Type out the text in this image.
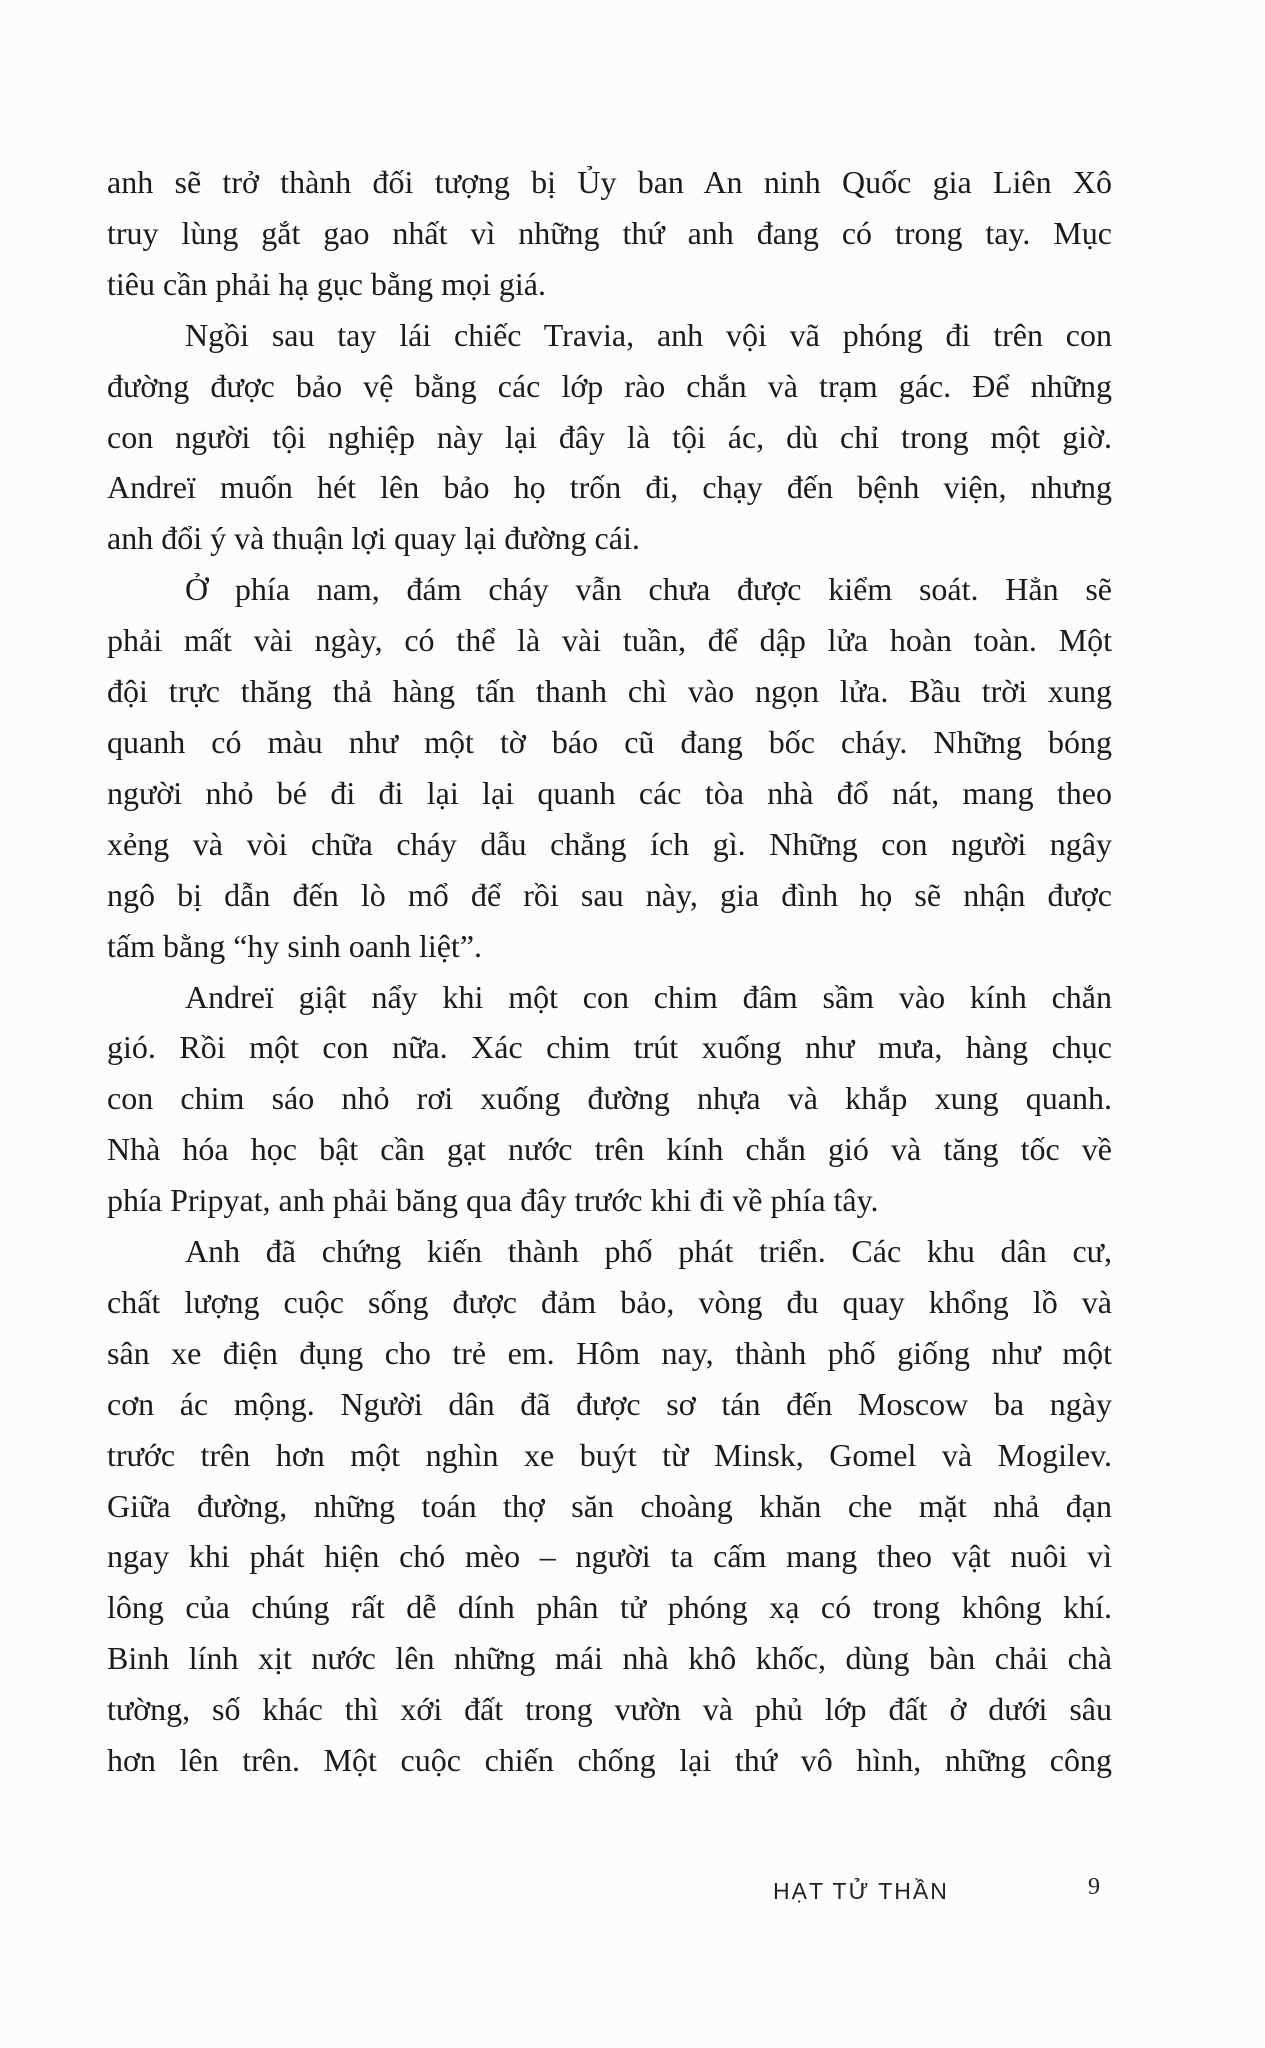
anh sẽ trở thành đối tượng bị Ủy ban An ninh Quốc gia Liên Xô
truy lùng gắt gao nhất vì những thứ anh đang có trong tay. Mục
tiêu cần phải hạ gục bằng mọi giá.
Ngồi sau tay lái chiếc Travia, anh vội vã phóng đi trên con
đường được bảo vệ bằng các lớp rào chắn và trạm gác. Để những
con người tội nghiệp này lại đây là tội ác, dù chỉ trong một giờ.
Andreï muốn hét lên bảo họ trốn đi, chạy đến bệnh viện, nhưng
anh đổi ý và thuận lợi quay lại đường cái.
Ở phía nam, đám cháy vẫn chưa được kiểm soát. Hẳn sẽ
phải mất vài ngày, có thể là vài tuần, để dập lửa hoàn toàn. Một
đội trực thăng thả hàng tấn thanh chì vào ngọn lửa. Bầu trời xung
quanh có màu như một tờ báo cũ đang bốc cháy. Những bóng
người nhỏ bé đi đi lại lại quanh các tòa nhà đổ nát, mang theo
xẻng và vòi chữa cháy dẫu chẳng ích gì. Những con người ngây
ngô bị dẫn đến lò mổ để rồi sau này, gia đình họ sẽ nhận được
tấm bằng “hy sinh oanh liệt”.
Andreï giật nẩy khi một con chim đâm sầm vào kính chắn
gió. Rồi một con nữa. Xác chim trút xuống như mưa, hàng chục
con chim sáo nhỏ rơi xuống đường nhựa và khắp xung quanh.
Nhà hóa học bật cần gạt nước trên kính chắn gió và tăng tốc về
phía Pripyat, anh phải băng qua đây trước khi đi về phía tây.
Anh đã chứng kiến thành phố phát triển. Các khu dân cư,
chất lượng cuộc sống được đảm bảo, vòng đu quay khổng lồ và
sân xe điện đụng cho trẻ em. Hôm nay, thành phố giống như một
cơn ác mộng. Người dân đã được sơ tán đến Moscow ba ngày
trước trên hơn một nghìn xe buýt từ Minsk, Gomel và Mogilev.
Giữa đường, những toán thợ săn choàng khăn che mặt nhả đạn
ngay khi phát hiện chó mèo – người ta cấm mang theo vật nuôi vì
lông của chúng rất dễ dính phân tử phóng xạ có trong không khí.
Binh lính xịt nước lên những mái nhà khô khốc, dùng bàn chải chà
tường, số khác thì xới đất trong vườn và phủ lớp đất ở dưới sâu
hơn lên trên. Một cuộc chiến chống lại thứ vô hình, những công
HẠT TỬ THẦN	9
